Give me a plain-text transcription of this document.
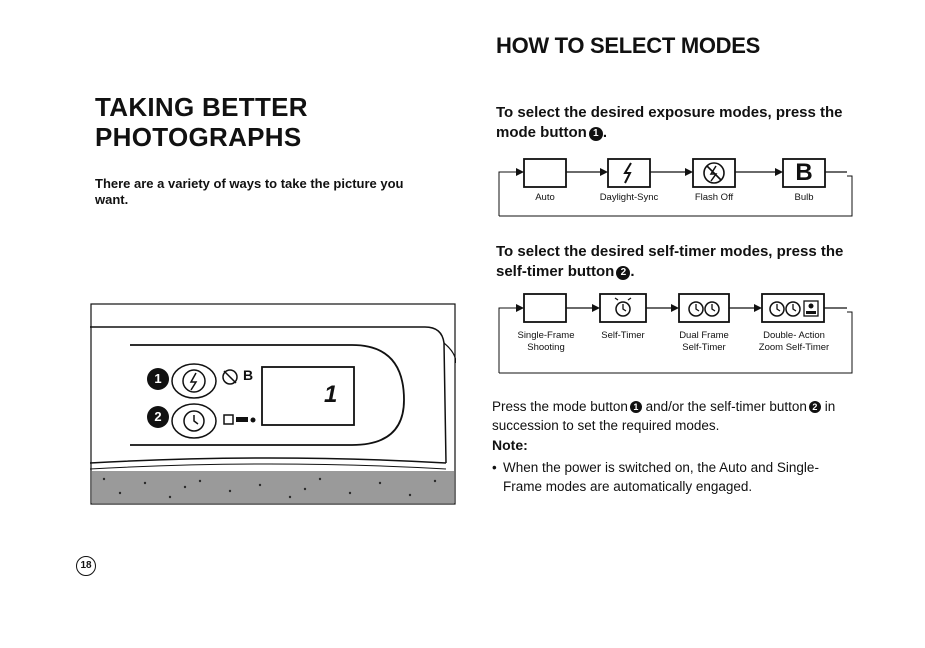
TAKING BETTER
PHOTOGRAPHS
There are a variety of ways to take the picture you want.
1
2
B
1
18
HOW TO SELECT MODES
To select the desired exposure modes, press the mode button 1 .
B
Auto	Daylight-Sync	Flash Off	Bulb
To select the desired self-timer modes, press the self-timer button 2 .
Single-Frame
Shooting
Self-Timer	Dual Frame
Self-Timer
Double- Action
Zoom Self-Timer
Press the mode button 1 and/or the self-timer button 2 in succession to set the required modes.
Note:
• When the power is switched on, the Auto and Single-Frame modes are automatically engaged.
